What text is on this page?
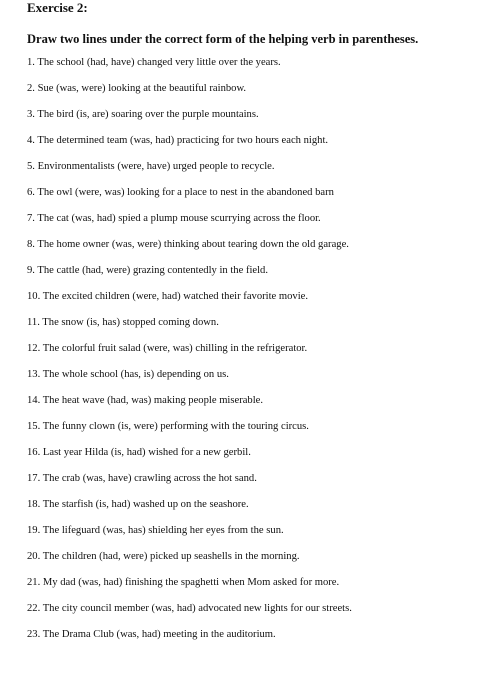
Exercise 2:
Draw two lines under the correct form of the helping verb in parentheses.
1. The school (had, have) changed very little over the years.
2. Sue (was, were) looking at the beautiful rainbow.
3. The bird (is, are) soaring over the purple mountains.
4. The determined team (was, had) practicing for two hours each night.
5. Environmentalists (were, have) urged people to recycle.
6. The owl (were, was) looking for a place to nest in the abandoned barn
7. The cat (was, had) spied a plump mouse scurrying across the floor.
8. The home owner (was, were) thinking about tearing down the old garage.
9. The cattle (had, were) grazing contentedly in the field.
10. The excited children (were, had) watched their favorite movie.
11. The snow (is, has) stopped coming down.
12. The colorful fruit salad (were, was) chilling in the refrigerator.
13. The whole school (has, is) depending on us.
14. The heat wave (had, was) making people miserable.
15. The funny clown (is, were) performing with the touring circus.
16. Last year Hilda (is, had) wished for a new gerbil.
17. The crab (was, have) crawling across the hot sand.
18. The starfish (is, had) washed up on the seashore.
19. The lifeguard (was, has) shielding her eyes from the sun.
20. The children (had, were) picked up seashells in the morning.
21. My dad (was, had) finishing the spaghetti when Mom asked for more.
22. The city council member (was, had) advocated new lights for our streets.
23. The Drama Club (was, had) meeting in the auditorium.
